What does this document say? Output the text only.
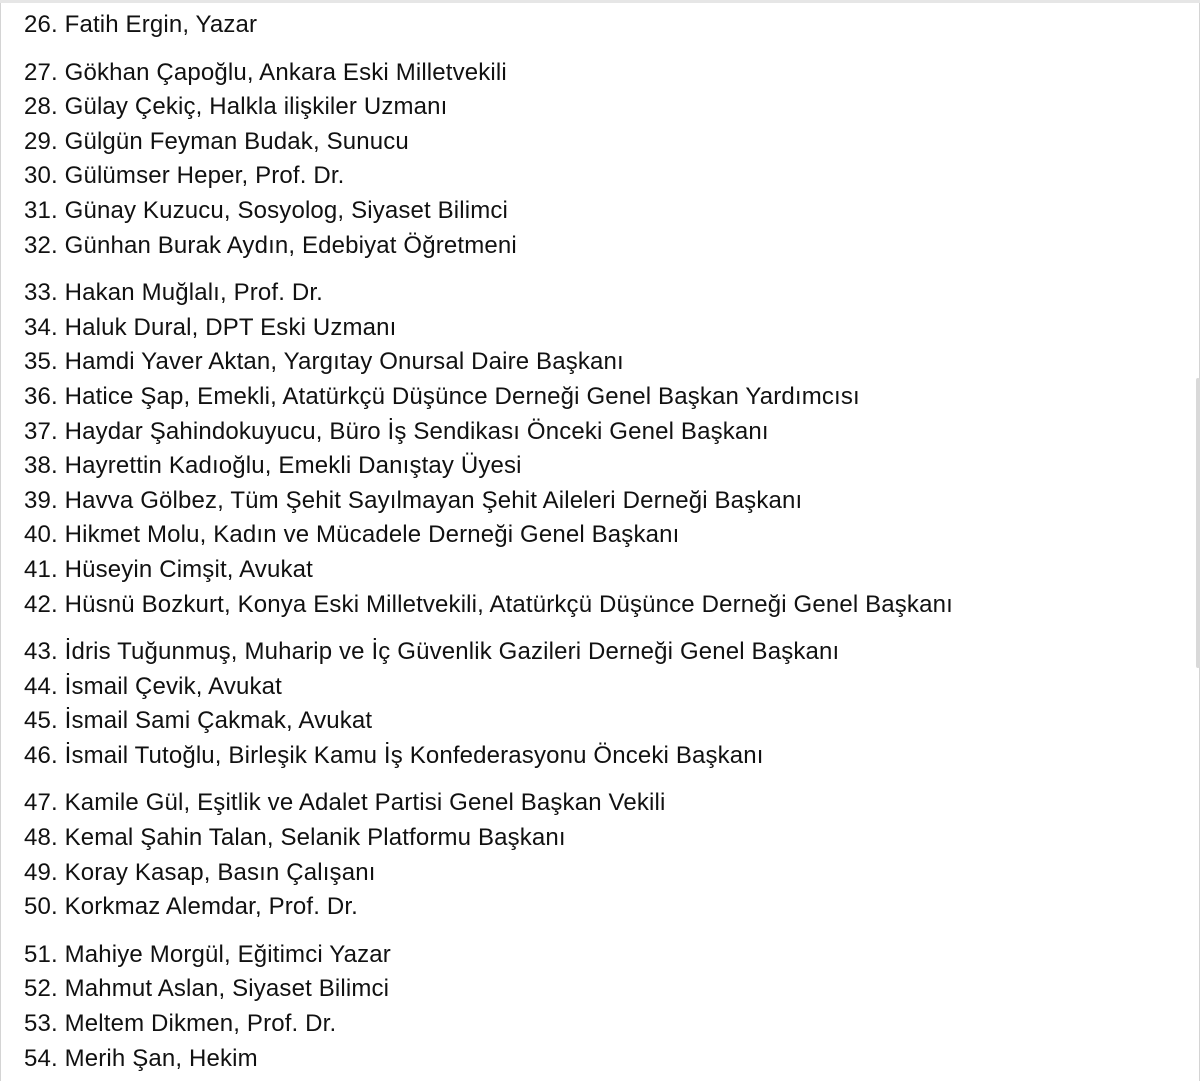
26. Fatih Ergin, Yazar
27. Gökhan Çapoğlu, Ankara Eski Milletvekili
28. Gülay Çekiç, Halkla ilişkiler Uzmanı
29. Gülgün Feyman Budak, Sunucu
30. Gülümser Heper, Prof. Dr.
31. Günay Kuzucu, Sosyolog, Siyaset Bilimci
32. Günhan Burak Aydın, Edebiyat Öğretmeni
33. Hakan Muğlalı, Prof. Dr.
34. Haluk Dural, DPT Eski Uzmanı
35. Hamdi Yaver Aktan, Yargıtay Onursal Daire Başkanı
36. Hatice Şap, Emekli, Atatürkçü Düşünce Derneği Genel Başkan Yardımcısı
37. Haydar Şahindokuyucu, Büro İş Sendikası Önceki Genel Başkanı
38. Hayrettin Kadıoğlu, Emekli Danıştay Üyesi
39. Havva Gölbez, Tüm Şehit Sayılmayan Şehit Aileleri Derneği Başkanı
40. Hikmet Molu, Kadın ve Mücadele Derneği Genel Başkanı
41. Hüseyin Cimşit, Avukat
42. Hüsnü Bozkurt, Konya Eski Milletvekili, Atatürkçü Düşünce Derneği Genel Başkanı
43. İdris Tuğunmuş, Muharip ve İç Güvenlik Gazileri Derneği Genel Başkanı
44. İsmail Çevik, Avukat
45. İsmail Sami Çakmak, Avukat
46. İsmail Tutoğlu, Birleşik Kamu İş Konfederasyonu Önceki Başkanı
47. Kamile Gül, Eşitlik ve Adalet Partisi Genel Başkan Vekili
48. Kemal Şahin Talan, Selanik Platformu Başkanı
49. Koray Kasap, Basın Çalışanı
50. Korkmaz Alemdar, Prof. Dr.
51. Mahiye Morgül, Eğitimci Yazar
52. Mahmut Aslan, Siyaset Bilimci
53. Meltem Dikmen, Prof. Dr.
54. Merih Şan, Hekim
